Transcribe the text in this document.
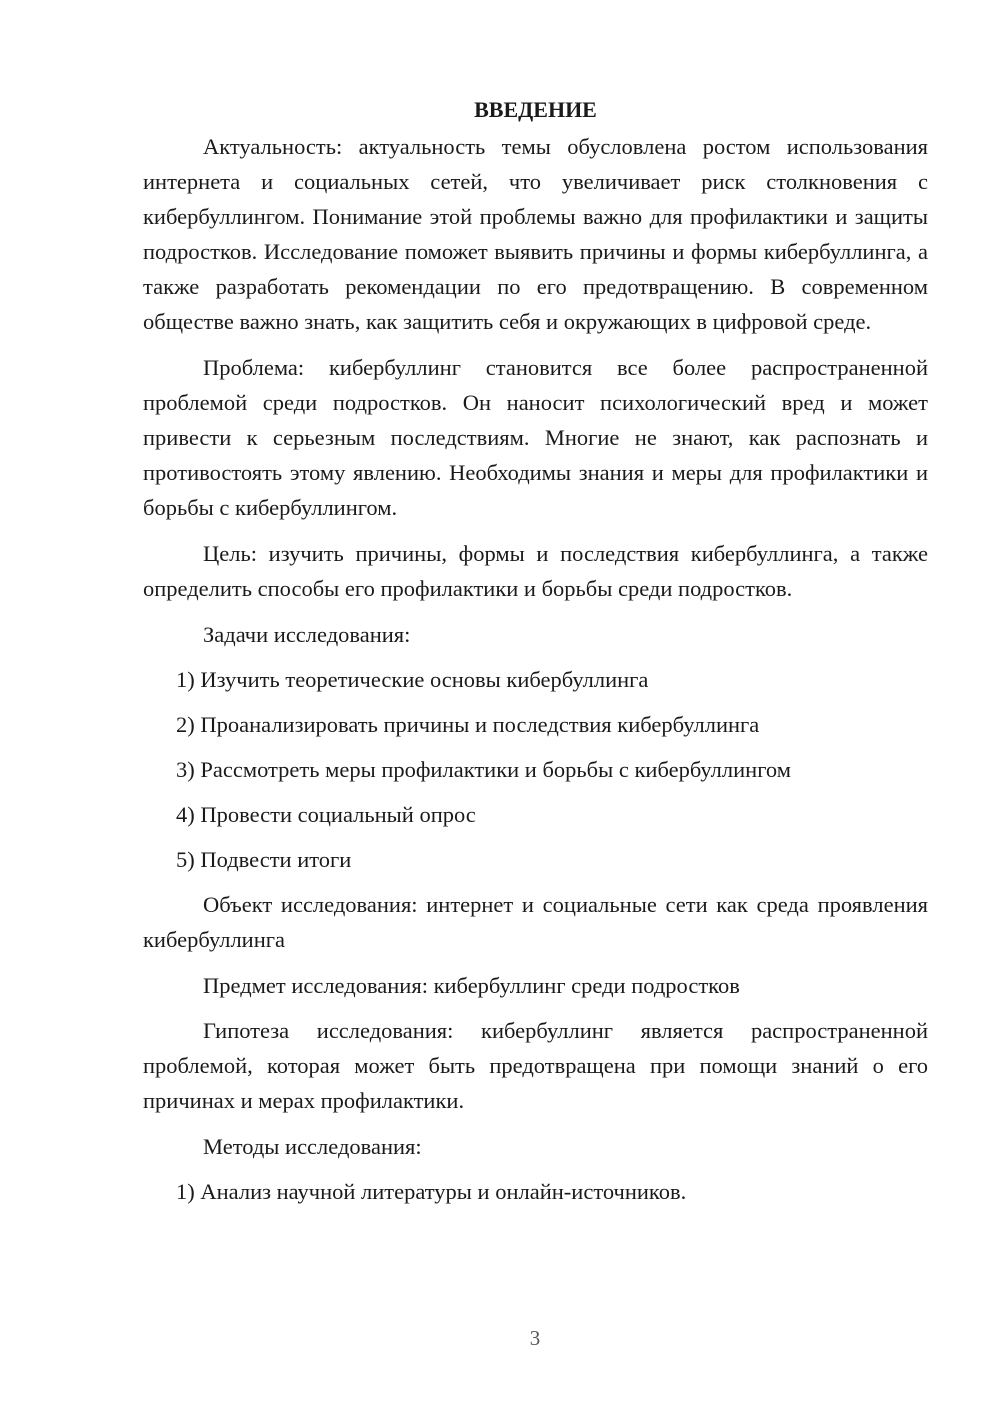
ВВЕДЕНИЕ

Актуальность: актуальность темы обусловлена ростом использования интернета и социальных сетей, что увеличивает риск столкновения с кибербуллингом. Понимание этой проблемы важно для профилактики и защиты подростков. Исследование поможет выявить причины и формы кибербуллинга, а также разработать рекомендации по его предотвращению. В современном обществе важно знать, как защитить себя и окружающих в цифровой среде.

Проблема: кибербуллинг становится все более распространенной проблемой среди подростков. Он наносит психологический вред и может привести к серьезным последствиям. Многие не знают, как распознать и противостоять этому явлению. Необходимы знания и меры для профилактики и борьбы с кибербуллингом.

Цель: изучить причины, формы и последствия кибербуллинга, а также определить способы его профилактики и борьбы среди подростков.

Задачи исследования:

1) Изучить теоретические основы кибербуллинга
2) Проанализировать причины и последствия кибербуллинга
3) Рассмотреть меры профилактики и борьбы с кибербуллингом
4) Провести социальный опрос
5) Подвести итоги

Объект исследования: интернет и социальные сети как среда проявления кибербуллинга

Предмет исследования: кибербуллинг среди подростков

Гипотеза исследования: кибербуллинг является распространенной проблемой, которая может быть предотвращена при помощи знаний о его причинах и мерах профилактики.

Методы исследования:

1) Анализ научной литературы и онлайн-источников.
3
